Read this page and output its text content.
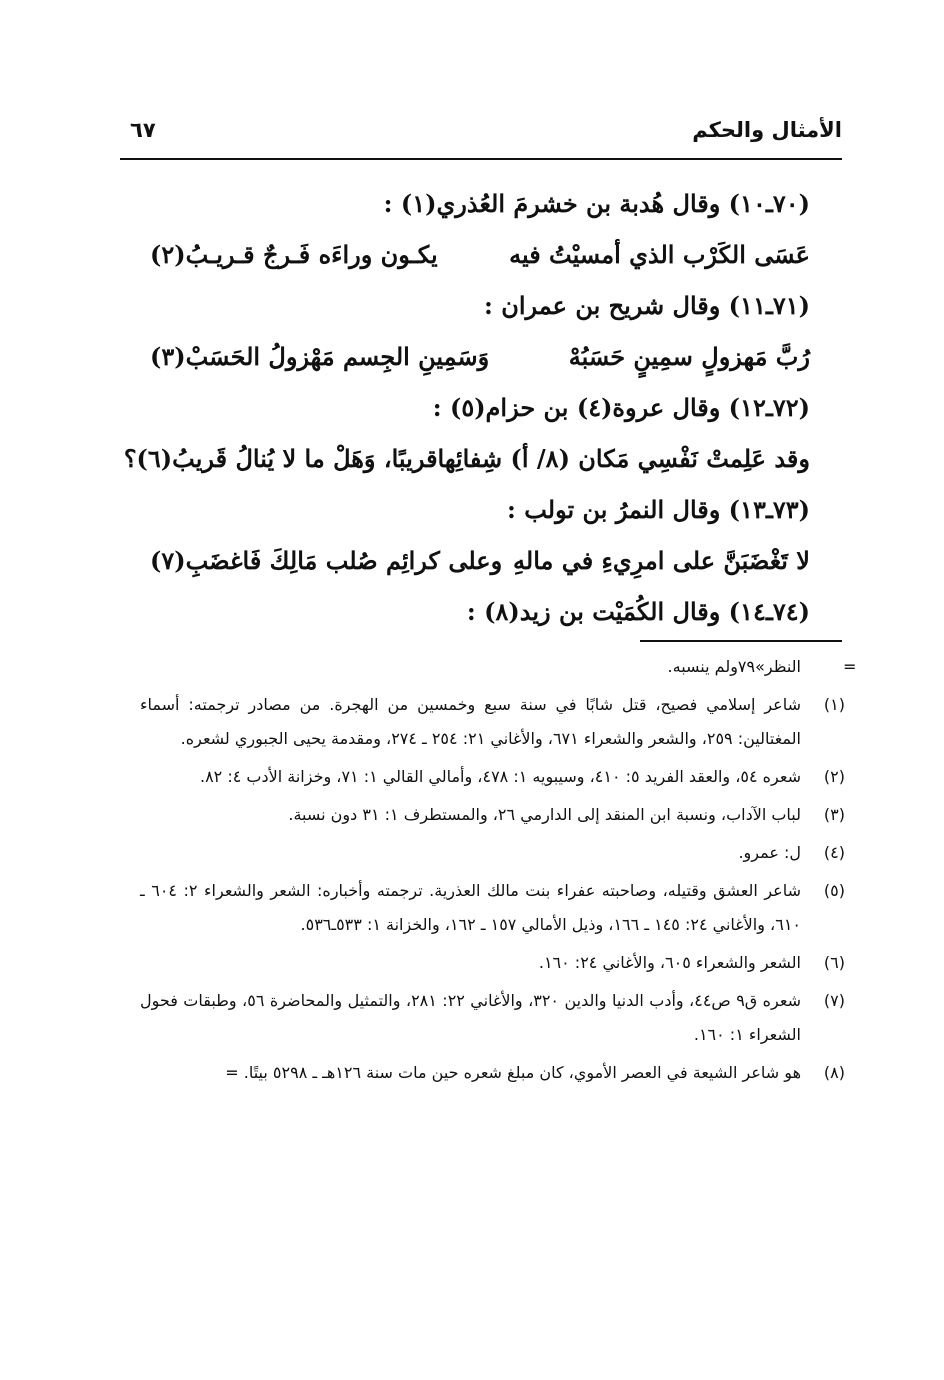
الأمثال والحكم
٦٧
(٧٠ـ١٠) وقال هُدبة بن خشرمَ العُذري(١) :
عَسَى الكَرْب الذي أمسيْتُ فيه
يكـون وراءَه فَـرجٌ قـريـبُ(٢)
(٧١ـ١١) وقال شريح بن عمران :
رُبَّ مَهزولٍ سمِينٍ حَسَبُهْ
وَسَمِينِ الجِسم مَهْزولُ الحَسَبْ(٣)
(٧٢ـ١٢) وقال عروة(٤) بن حزام(٥) :
وقد عَلِمتْ نَفْسِي مَكان (٨/ أ) شِفائِها
قريبًا، وَهَلْ ما لا يُنالُ قَريبُ(٦)؟
(٧٣ـ١٣) وقال النمرُ بن تولب :
لا تَغْضَبَنَّ على امرِيءِ في مالهِ
وعلى كرائِم صُلب مَالِكَ فَاغضَبِ(٧)
(٧٤ـ١٤) وقال الكُمَيْت بن زيد(٨) :
=
النظر»٧٩ولم ينسبه.
(١)
شاعر إسلامي فصيح، قتل شابًا في سنة سبع وخمسين من الهجرة. من مصادر ترجمته: أسماء المغتالين: ٢٥٩، والشعر والشعراء ٦٧١، والأغاني ٢١: ٢٥٤ ـ ٢٧٤، ومقدمة يحيى الجبوري لشعره.
(٢)
شعره ٥٤، والعقد الفريد ٥: ٤١٠، وسيبويه ١: ٤٧٨، وأمالي القالي ١: ٧١، وخزانة الأدب ٤: ٨٢.
(٣)
لباب الآداب، ونسبة ابن المنقد إلى الدارمي ٢٦، والمستطرف ١: ٣١ دون نسبة.
(٤)
ل: عمرو.
(٥)
شاعر العشق وقتيله، وصاحبته عفراء بنت مالك العذرية. ترجمته وأخباره: الشعر والشعراء ٢: ٦٠٤ ـ ٦١٠، والأغاني ٢٤: ١٤٥ ـ ١٦٦، وذيل الأمالي ١٥٧ ـ ١٦٢، والخزانة ١: ٥٣٣ـ٥٣٦.
(٦)
الشعر والشعراء ٦٠٥، والأغاني ٢٤: ١٦٠.
(٧)
شعره ق٩ ص٤٤، وأدب الدنيا والدين ٣٢٠، والأغاني ٢٢: ٢٨١، والتمثيل والمحاضرة ٥٦، وطبقات فحول الشعراء ١: ١٦٠.
(٨)
هو شاعر الشيعة في العصر الأموي، كان مبلغ شعره حين مات سنة ١٢٦هـ ـ ٥٢٩٨ بيتًا. =
